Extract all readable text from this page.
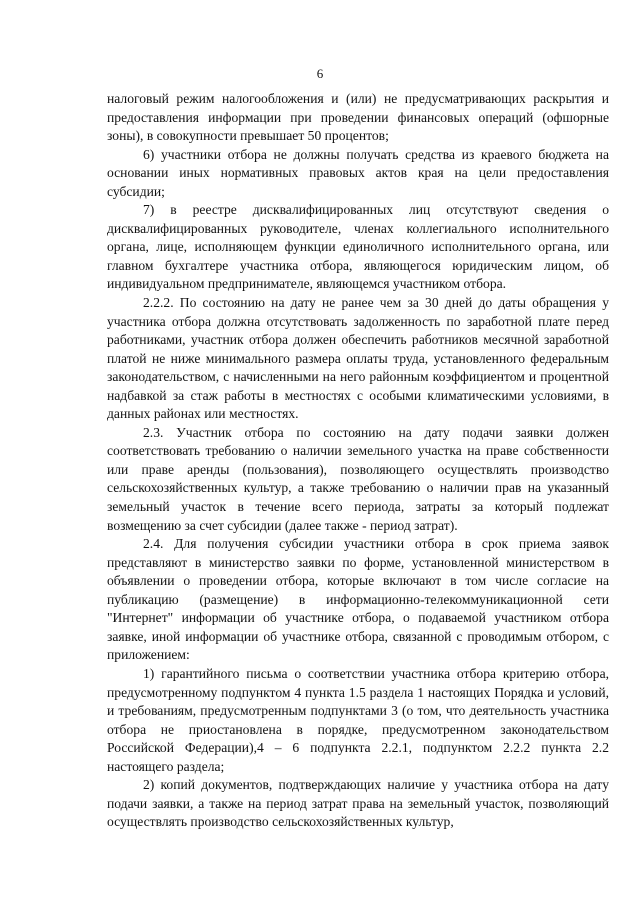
6

налоговый режим налогообложения и (или) не предусматривающих раскрытия и предоставления информации при проведении финансовых операций (офшорные зоны), в совокупности превышает 50 процентов;

6) участники отбора не должны получать средства из краевого бюджета на основании иных нормативных правовых актов края на цели предоставления субсидии;

7) в реестре дисквалифицированных лиц отсутствуют сведения о дисквалифицированных руководителе, членах коллегиального исполнительного органа, лице, исполняющем функции единоличного исполнительного органа, или главном бухгалтере участника отбора, являющегося юридическим лицом, об индивидуальном предпринимателе, являющемся участником отбора.

2.2.2. По состоянию на дату не ранее чем за 30 дней до даты обращения у участника отбора должна отсутствовать задолженность по заработной плате перед работниками, участник отбора должен обеспечить работников месячной заработной платой не ниже минимального размера оплаты труда, установленного федеральным законодательством, с начисленными на него районным коэффициентом и процентной надбавкой за стаж работы в местностях с особыми климатическими условиями, в данных районах или местностях.

2.3. Участник отбора по состоянию на дату подачи заявки должен соответствовать требованию о наличии земельного участка на праве собственности или праве аренды (пользования), позволяющего осуществлять производство сельскохозяйственных культур, а также требованию о наличии прав на указанный земельный участок в течение всего периода, затраты за который подлежат возмещению за счет субсидии (далее также - период затрат).

2.4. Для получения субсидии участники отбора в срок приема заявок представляют в министерство заявки по форме, установленной министерством в объявлении о проведении отбора, которые включают в том числе согласие на публикацию (размещение) в информационно-телекоммуникационной сети "Интернет" информации об участнике отбора, о подаваемой участником отбора заявке, иной информации об участнике отбора, связанной с проводимым отбором, с приложением:

1) гарантийного письма о соответствии участника отбора критерию отбора, предусмотренному подпунктом 4 пункта 1.5 раздела 1 настоящих Порядка и условий, и требованиям, предусмотренным подпунктами 3 (о том, что деятельность участника отбора не приостановлена в порядке, предусмотренном законодательством Российской Федерации),4 – 6 подпункта 2.2.1, подпунктом 2.2.2 пункта 2.2 настоящего раздела;

2) копий документов, подтверждающих наличие у участника отбора на дату подачи заявки, а также на период затрат права на земельный участок, позволяющий осуществлять производство сельскохозяйственных культур,
